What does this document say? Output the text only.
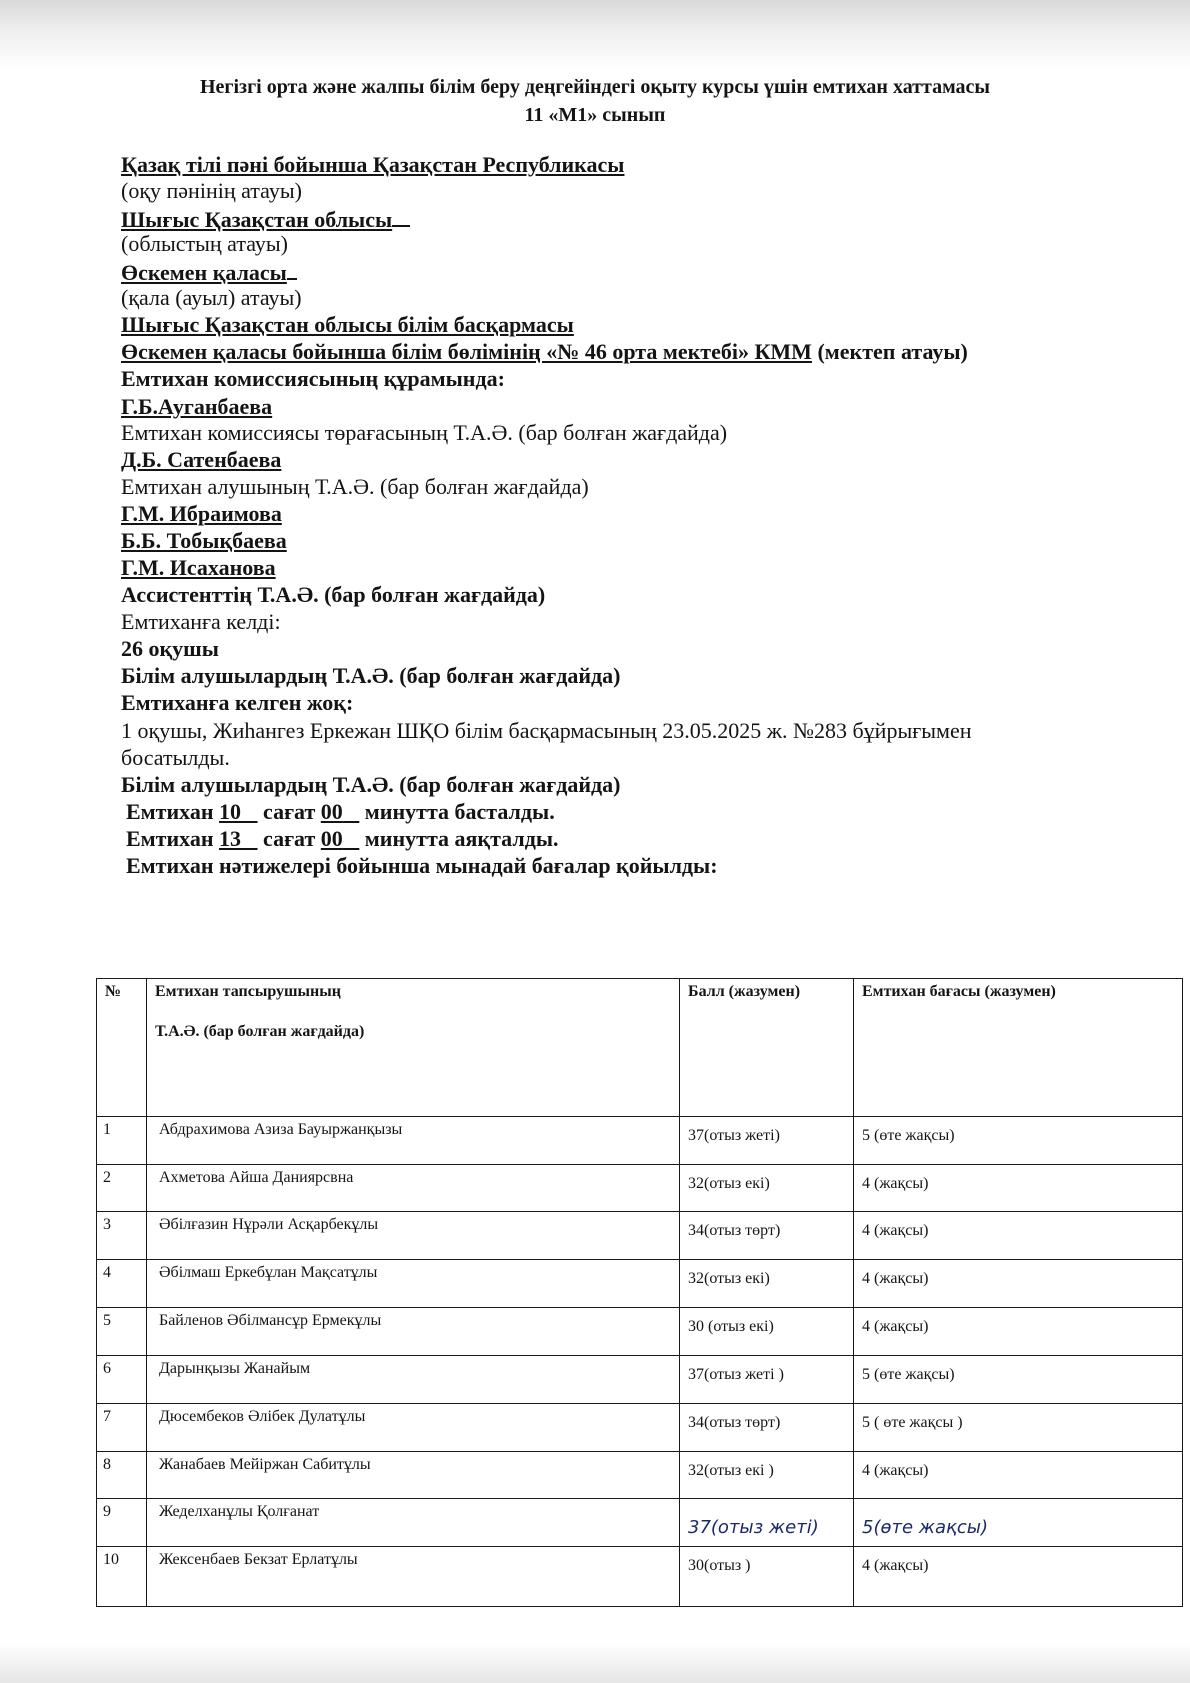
Негізгі орта және жалпы білім беру деңгейіндегі оқыту курсы үшін емтихан хаттамасы
11 «М1» сынып
Қазақ тілі пәні бойынша Қазақстан Республикасы
(оқу пәнінің атауы)
Шығыс Қазақстан облысы
(облыстың атауы)
Өскемен қаласы
(қала (ауыл) атауы)
Шығыс Қазақстан облысы білім басқармасы
Өскемен қаласы бойынша білім бөлімінің «№ 46 орта мектебі» КММ (мектеп атауы)
Емтихан комиссиясының құрамында:
Г.Б.Ауганбаева
Емтихан комиссиясы төрағасының Т.А.Ә. (бар болған жағдайда)
Д.Б. Сатенбаева
Емтихан алушының Т.А.Ә. (бар болған жағдайда)
Г.М. Ибраимова
Б.Б. Тобықбаева
Г.М. Исаханова
Ассистенттің Т.А.Ә. (бар болған жағдайда)
Емтиханға келді:
26 оқушы
Білім алушылардың Т.А.Ә. (бар болған жағдайда)
Емтиханға келген жоқ:
1 оқушы, Жиһангез Еркежан ШҚО білім басқармасының 23.05.2025 ж. №283 бұйрығымен
босатылды.
Білім алушылардың Т.А.Ә. (бар болған жағдайда)
Емтихан 10 сағат 00 минутта басталды.
Емтихан 13 сағат 00 минутта аяқталды.
Емтихан нәтижелері бойынша мынадай бағалар қойылды:
№	Емтихан тапсырушының
Т.А.Ә. (бар болған жағдайда)	Балл (жазумен)	Емтихан бағасы (жазумен)
1	Абдрахимова Азиза Бауыржанқызы	37(отыз жеті)	5 (өте жақсы)
2	Ахметова Айша Даниярсвна	32(отыз екі)	4 (жақсы)
3	Әбілғазин Нұрәли Асқарбекұлы	34(отыз төрт)	4 (жақсы)
4	Әбілмаш Еркебұлан Мақсатұлы	32(отыз екі)	4 (жақсы)
5	Байленов Әбілмансұр Ермекұлы	30 (отыз екі)	4 (жақсы)
6	Дарынқызы Жанайым	37(отыз жеті )	5 (өте жақсы)
7	Дюсембеков Әлібек Дулатұлы	34(отыз төрт)	5 ( өте жақсы )
8	Жанабаев Мейіржан Сабитұлы	32(отыз екі )	4 (жақсы)
9	Жеделханұлы Қолғанат	37(отыз жеті)	5(өте жақсы)
10	Жексенбаев Бекзат Ерлатұлы	30(отыз )	4 (жақсы)
